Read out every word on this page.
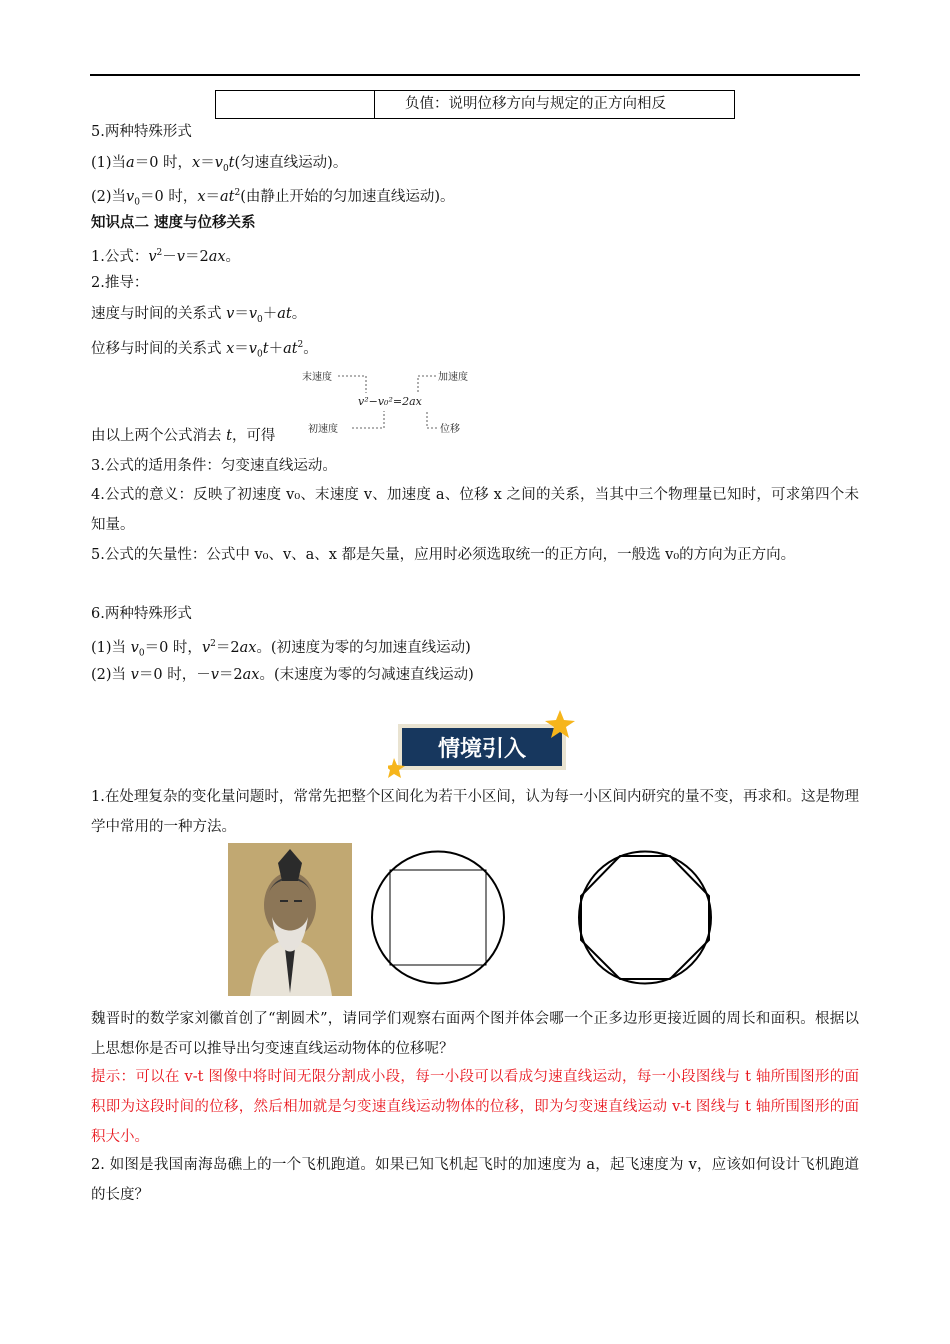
负值：说明位移方向与规定的正方向相反
5.两种特殊形式
(1)当a＝0 时，$x=v_0t$(匀速直线运动)。
(2)当$v_0=0$ 时，$x=at^2$(由静止开始的匀加速直线运动)。
知识点二 速度与位移关系
1.公式：$v^2-v=2ax$。
2.推导：
速度与时间的关系式 $v=v_0+at$。
位移与时间的关系式 $x=v_0t+at^2$。
末速度	加速度
初速度	位移
v²−v₀²=2ax
由以上两个公式消去 t，可得
3.公式的适用条件：匀变速直线运动。
4.公式的意义：反映了初速度 v₀、末速度 v、加速度 a、位移 x 之间的关系，当其中三个物理量已知时，可求第四个未知量。
5.公式的矢量性：公式中 v₀、v、a、x 都是矢量，应用时必须选取统一的正方向，一般选 v₀的方向为正方向。
6.两种特殊形式
(1)当 $v_0=0$ 时，$v^2=2ax$。(初速度为零的匀加速直线运动)
(2)当 v＝0 时，－v＝2ax。(末速度为零的匀减速直线运动)
情境引入
1.在处理复杂的变化量问题时，常常先把整个区间化为若干小区间，认为每一小区间内研究的量不变，再求和。这是物理学中常用的一种方法。
魏晋时的数学家刘徽首创了“割圆术”，请同学们观察右面两个图并体会哪一个正多边形更接近圆的周长和面积。根据以上思想你是否可以推导出匀变速直线运动物体的位移呢？
提示：可以在 v-t 图像中将时间无限分割成小段，每一小段可以看成匀速直线运动，每一小段图线与 t 轴所围图形的面积即为这段时间的位移，然后相加就是匀变速直线运动物体的位移，即为匀变速直线运动 v-t 图线与 t 轴所围图形的面积大小。
2. 如图是我国南海岛礁上的一个飞机跑道。如果已知飞机起飞时的加速度为 a，起飞速度为 v，应该如何设计飞机跑道的长度？
